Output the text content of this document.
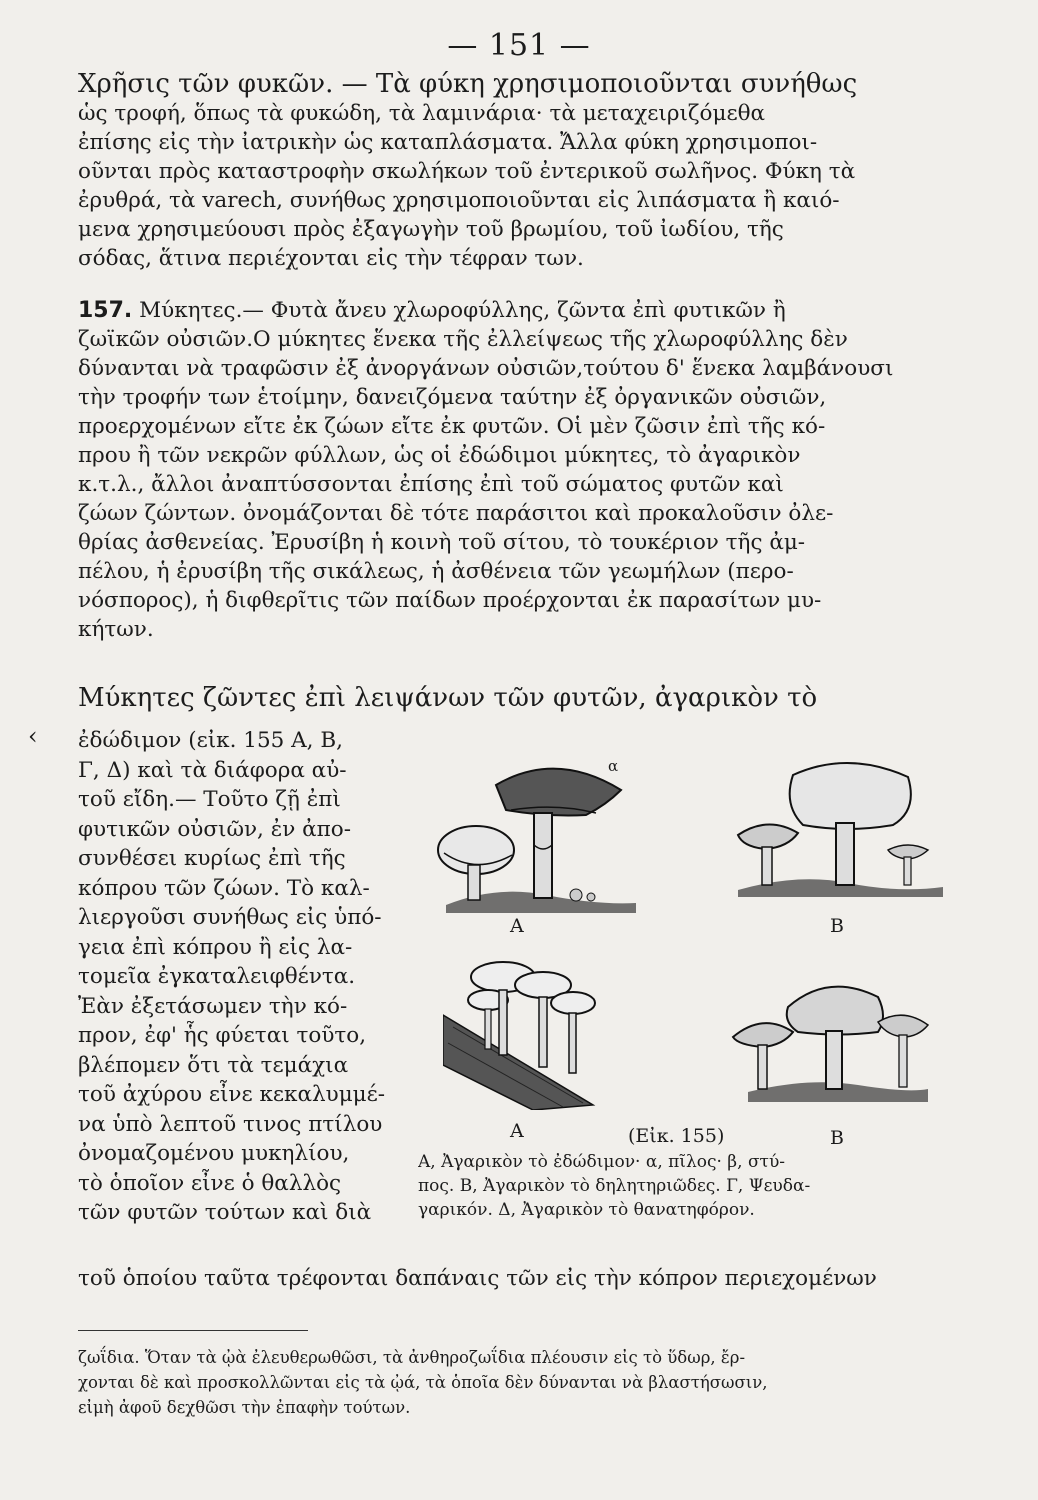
— 151 —
Χρῆσις τῶν φυκῶν. — Τὰ φύκη χρησιμοποιοῦνται συνήθως
ὡς τροφή, ὅπως τὰ φυκώδη, τὰ λαμινάρια· τὰ μεταχειριζόμεθα
ἐπίσης εἰς τὴν ἰατρικὴν ὡς καταπλάσματα. Ἄλλα φύκη χρησιμοποι-
οῦνται πρὸς καταστροφὴν σκωλήκων τοῦ ἐντερικοῦ σωλῆνος. Φύκη τὰ
ἐρυθρά, τὰ varech, συνήθως χρησιμοποιοῦνται εἰς λιπάσματα ἢ καιό-
μενα χρησιμεύουσι πρὸς ἐξαγωγὴν τοῦ βρωμίου, τοῦ ἰωδίου, τῆς
σόδας, ἅτινα περιέχονται εἰς τὴν τέφραν των.
157. Μύκητες.— Φυτὰ ἄνευ χλωροφύλλης, ζῶντα ἐπὶ φυτικῶν ἢ
ζωϊκῶν οὐσιῶν.Ο μύκητες ἕνεκα τῆς ἐλλείψεως τῆς χλωροφύλλης δὲν
δύνανται νὰ τραφῶσιν ἐξ ἀνοργάνων οὐσιῶν,τούτου δ' ἕνεκα λαμβάνουσι
τὴν τροφήν των ἑτοίμην, δανειζόμενα ταύτην ἐξ ὀργανικῶν οὐσιῶν,
προερχομένων εἴτε ἐκ ζώων εἴτε ἐκ φυτῶν. Οἱ μὲν ζῶσιν ἐπὶ τῆς κό-
πρου ἢ τῶν νεκρῶν φύλλων, ὡς οἱ ἐδώδιμοι μύκητες, τὸ ἀγαρικὸν
κ.τ.λ., ἄλλοι ἀναπτύσσονται ἐπίσης ἐπὶ τοῦ σώματος φυτῶν καὶ
ζώων ζώντων. ὀνομάζονται δὲ τότε παράσιτοι καὶ προκαλοῦσιν ὀλε-
θρίας ἀσθενείας. Ἐρυσίβη ἡ κοινὴ τοῦ σίτου, τὸ τουκέριον τῆς ἀμ-
πέλου, ἡ ἐρυσίβη τῆς σικάλεως, ἡ ἀσθένεια τῶν γεωμήλων (περο-
νόσπορος), ἡ διφθερῖτις τῶν παίδων προέρχονται ἐκ παρασίτων μυ-
κήτων.
‹
Μύκητες ζῶντες ἐπὶ λειψάνων τῶν φυτῶν, ἀγαρικὸν τὸ
ἐδώδιμον (εἰκ. 155 Α, Β,
Γ, Δ) καὶ τὰ διάφορα αὐ-
τοῦ εἴδη.— Τοῦτο ζῇ ἐπὶ
φυτικῶν οὐσιῶν, ἐν ἀπο-
συνθέσει κυρίως ἐπὶ τῆς
κόπρου τῶν ζώων. Τὸ καλ-
λιεργοῦσι συνήθως εἰς ὑπό-
γεια ἐπὶ κόπρου ἢ εἰς λα-
τομεῖα ἐγκαταλειφθέντα.
Ἐὰν ἐξετάσωμεν τὴν κό-
προν, ἐφ' ἧς φύεται τοῦτο,
βλέπομεν ὅτι τὰ τεμάχια
τοῦ ἀχύρου εἶνε κεκαλυμμέ-
να ὑπὸ λεπτοῦ τινος πτίλου
ὀνομαζομένου μυκηλίου,
τὸ ὁποῖον εἶνε ὁ θαλλὸς
τῶν φυτῶν τούτων καὶ διὰ
α
Α	Β
Α	Β
(Εἰκ. 155)
Α, Ἀγαρικὸν τὸ ἐδώδιμον· α, πῖλος· β, στύ-
πος. Β, Ἀγαρικὸν τὸ δηλητηριῶδες. Γ, Ψευδα-
γαρικόν. Δ, Ἀγαρικὸν τὸ θανατηφόρον.
τοῦ ὁποίου ταῦτα τρέφονται δαπάναις τῶν εἰς τὴν κόπρον περιεχομένων
ζωΐδια. Ὅταν τὰ ᾠὰ ἐλευθερωθῶσι, τὰ ἀνθηροζωΐδια πλέουσιν εἰς τὸ ὕδωρ, ἔρ-
χονται δὲ καὶ προσκολλῶνται εἰς τὰ ᾠά, τὰ ὁποῖα δὲν δύνανται νὰ βλαστήσωσιν,
εἰμὴ ἀφοῦ δεχθῶσι τὴν ἐπαφὴν τούτων.
